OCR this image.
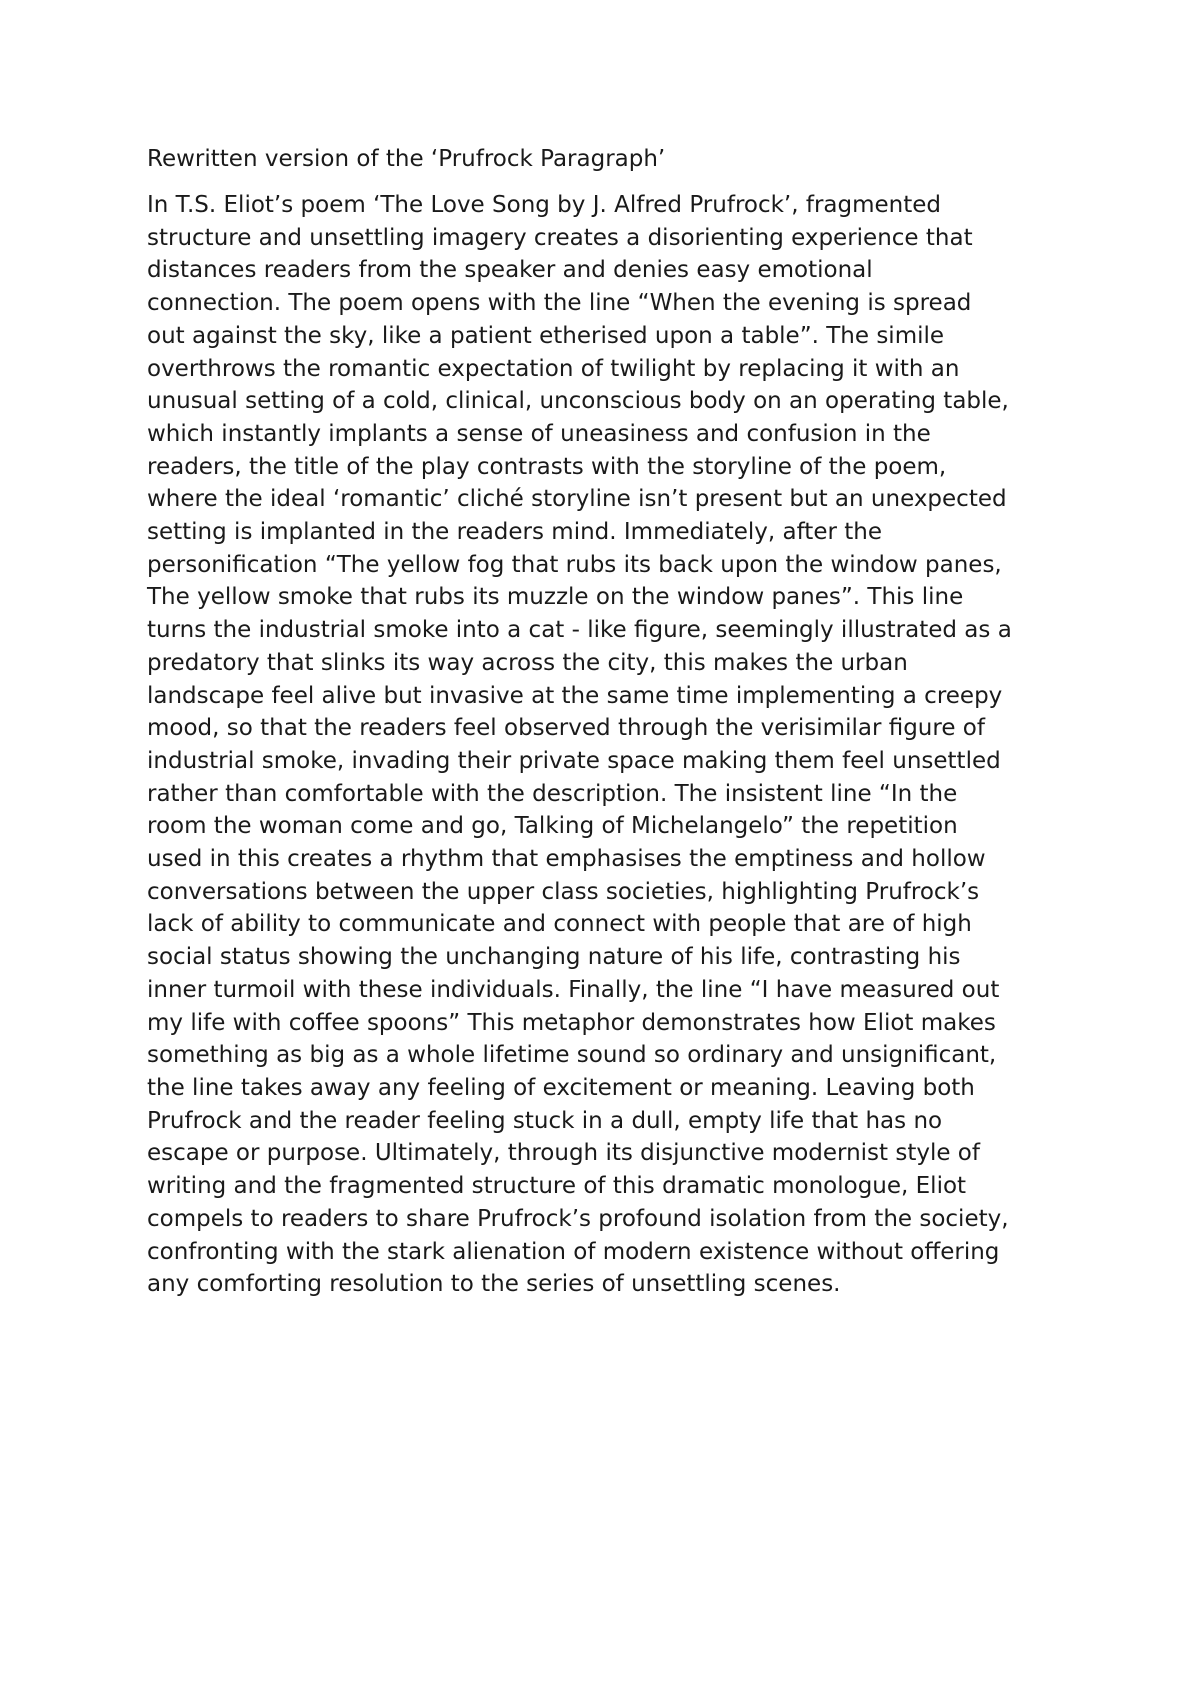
Rewritten version of the ‘Prufrock Paragraph’
In T.S. Eliot’s poem ‘The Love Song by J. Alfred Prufrock’, fragmented
structure and unsettling imagery creates a disorienting experience that
distances readers from the speaker and denies easy emotional
connection. The poem opens with the line “When the evening is spread
out against the sky, like a patient etherised upon a table”. The simile
overthrows the romantic expectation of twilight by replacing it with an
unusual setting of a cold, clinical, unconscious body on an operating table,
which instantly implants a sense of uneasiness and confusion in the
readers, the title of the play contrasts with the storyline of the poem,
where the ideal ‘romantic’ cliché storyline isn’t present but an unexpected
setting is implanted in the readers mind. Immediately, after the
personification “The yellow fog that rubs its back upon the window panes,
The yellow smoke that rubs its muzzle on the window panes”. This line
turns the industrial smoke into a cat - like figure, seemingly illustrated as a
predatory that slinks its way across the city, this makes the urban
landscape feel alive but invasive at the same time implementing a creepy
mood, so that the readers feel observed through the verisimilar figure of
industrial smoke, invading their private space making them feel unsettled
rather than comfortable with the description. The insistent line “In the
room the woman come and go, Talking of Michelangelo” the repetition
used in this creates a rhythm that emphasises the emptiness and hollow
conversations between the upper class societies, highlighting Prufrock’s
lack of ability to communicate and connect with people that are of high
social status showing the unchanging nature of his life, contrasting his
inner turmoil with these individuals. Finally, the line “I have measured out
my life with coffee spoons” This metaphor demonstrates how Eliot makes
something as big as a whole lifetime sound so ordinary and unsignificant,
the line takes away any feeling of excitement or meaning. Leaving both
Prufrock and the reader feeling stuck in a dull, empty life that has no
escape or purpose. Ultimately, through its disjunctive modernist style of
writing and the fragmented structure of this dramatic monologue, Eliot
compels to readers to share Prufrock’s profound isolation from the society,
confronting with the stark alienation of modern existence without offering
any comforting resolution to the series of unsettling scenes.
